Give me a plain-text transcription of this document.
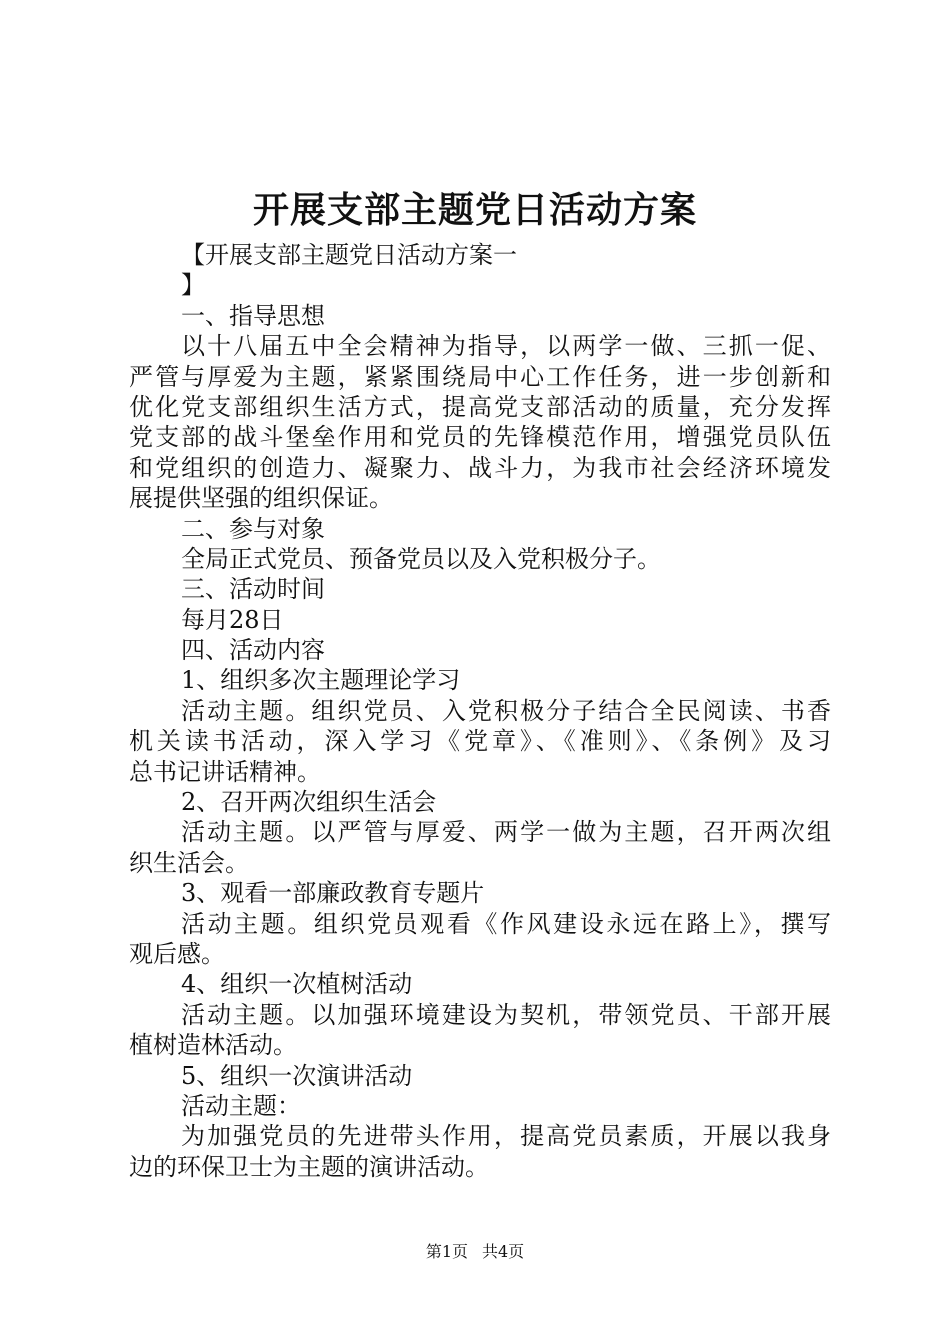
开展支部主题党日活动方案
【开展支部主题党日活动方案一
】
一、指导思想
以十八届五中全会精神为指导，以两学一做、三抓一促、
严管与厚爱为主题，紧紧围绕局中心工作任务，进一步创新和
优化党支部组织生活方式，提高党支部活动的质量，充分发挥
党支部的战斗堡垒作用和党员的先锋模范作用，增强党员队伍
和党组织的创造力、凝聚力、战斗力，为我市社会经济环境发
展提供坚强的组织保证。
二、参与对象
全局正式党员、预备党员以及入党积极分子。
三、活动时间
每月28日
四、活动内容
1、组织多次主题理论学习
活动主题。组织党员、入党积极分子结合全民阅读、书香
机关读书活动，深入学习《党章》、《准则》、《条例》及习
总书记讲话精神。
2、召开两次组织生活会
活动主题。以严管与厚爱、两学一做为主题，召开两次组
织生活会。
3、观看一部廉政教育专题片
活动主题。组织党员观看《作风建设永远在路上》，撰写
观后感。
4、组织一次植树活动
活动主题。以加强环境建设为契机，带领党员、干部开展
植树造林活动。
5、组织一次演讲活动
活动主题：
为加强党员的先进带头作用，提高党员素质，开展以我身
边的环保卫士为主题的演讲活动。
第1页 共4页
